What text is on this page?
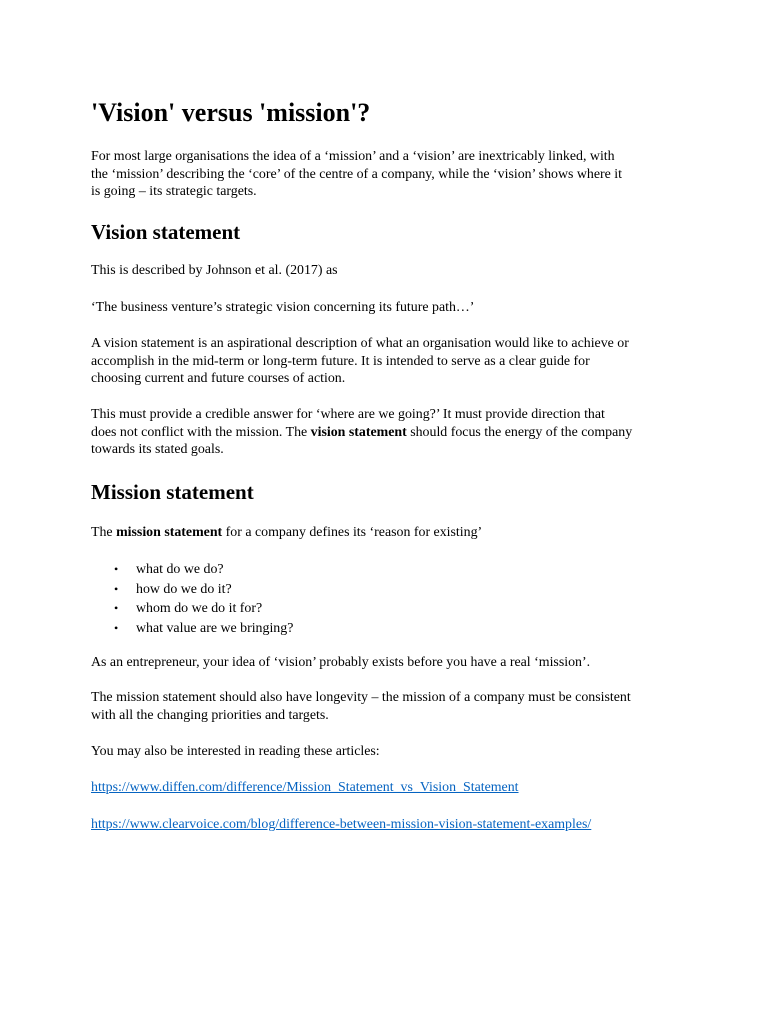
'Vision' versus 'mission'?

For most large organisations the idea of a ‘mission’ and a ‘vision’ are inextricably linked, with
the ‘mission’ describing the ‘core’ of the centre of a company, while the ‘vision’ shows where it
is going – its strategic targets.

Vision statement

This is described by Johnson et al. (2017) as

‘The business venture’s strategic vision concerning its future path…’

A vision statement is an aspirational description of what an organisation would like to achieve or
accomplish in the mid-term or long-term future. It is intended to serve as a clear guide for
choosing current and future courses of action.

This must provide a credible answer for ‘where are we going?’ It must provide direction that
does not conflict with the mission. The vision statement should focus the energy of the company
towards its stated goals.

Mission statement

The mission statement for a company defines its ‘reason for existing’

• what do we do?
• how do we do it?
• whom do we do it for?
• what value are we bringing?

As an entrepreneur, your idea of ‘vision’ probably exists before you have a real ‘mission’.

The mission statement should also have longevity – the mission of a company must be consistent
with all the changing priorities and targets.

You may also be interested in reading these articles:

https://www.diffen.com/difference/Mission_Statement_vs_Vision_Statement
https://www.clearvoice.com/blog/difference-between-mission-vision-statement-examples/
